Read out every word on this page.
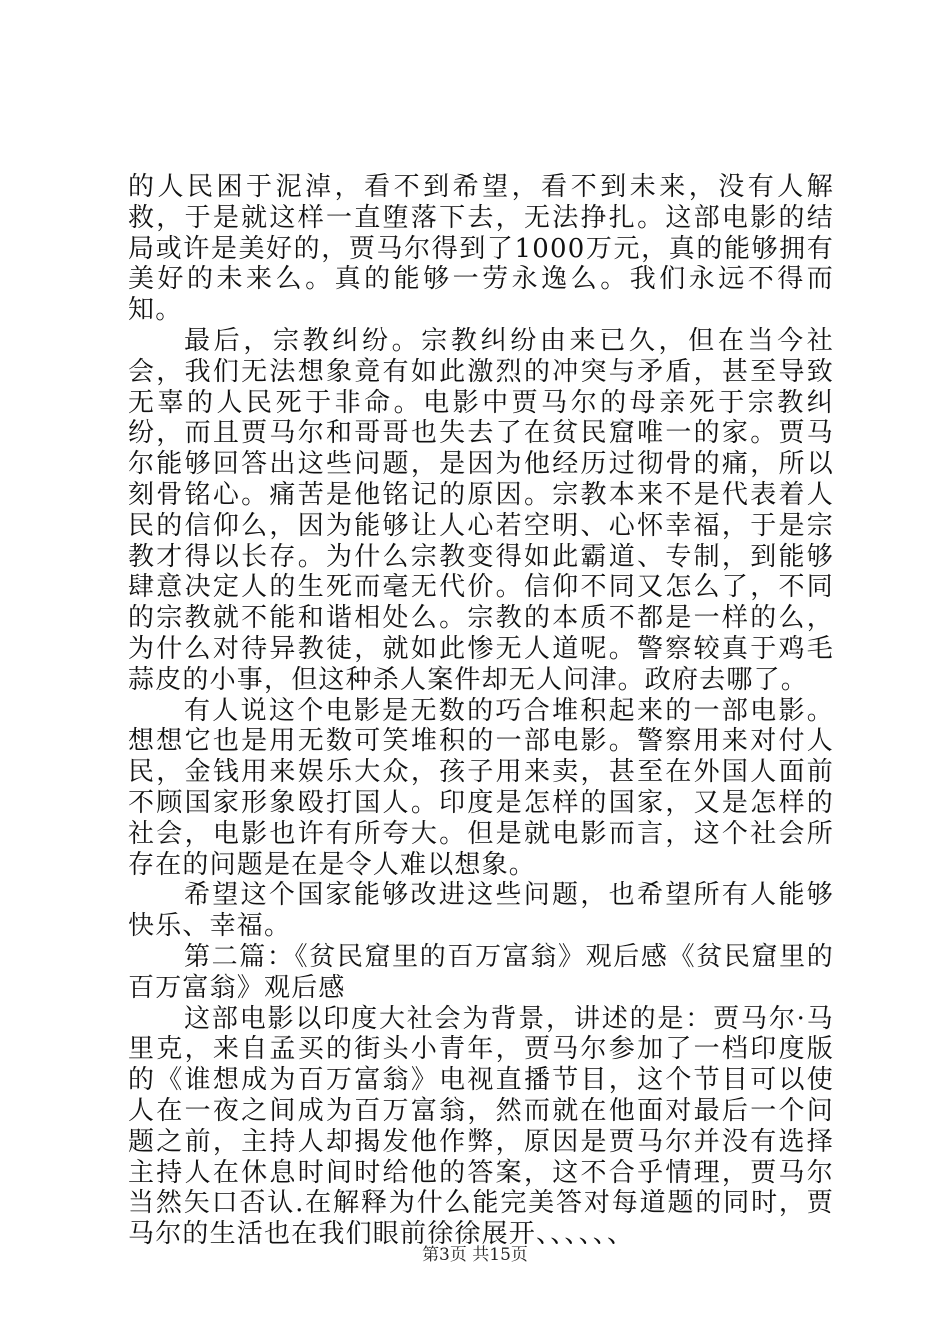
的人民困于泥淖，看不到希望，看不到未来，没有人解救，于是就这样一直堕落下去，无法挣扎。这部电影的结局或许是美好的，贾马尔得到了1000万元，真的能够拥有美好的未来么。真的能够一劳永逸么。我们永远不得而知。

最后，宗教纠纷。宗教纠纷由来已久，但在当今社会，我们无法想象竟有如此激烈的冲突与矛盾，甚至导致无辜的人民死于非命。电影中贾马尔的母亲死于宗教纠纷，而且贾马尔和哥哥也失去了在贫民窟唯一的家。贾马尔能够回答出这些问题，是因为他经历过彻骨的痛，所以刻骨铭心。痛苦是他铭记的原因。宗教本来不是代表着人民的信仰么，因为能够让人心若空明、心怀幸福，于是宗教才得以长存。为什么宗教变得如此霸道、专制，到能够肆意决定人的生死而毫无代价。信仰不同又怎么了，不同的宗教就不能和谐相处么。宗教的本质不都是一样的么，为什么对待异教徒，就如此惨无人道呢。警察较真于鸡毛蒜皮的小事，但这种杀人案件却无人问津。政府去哪了。

有人说这个电影是无数的巧合堆积起来的一部电影。想想它也是用无数可笑堆积的一部电影。警察用来对付人民，金钱用来娱乐大众，孩子用来卖，甚至在外国人面前不顾国家形象殴打国人。印度是怎样的国家，又是怎样的社会，电影也许有所夸大。但是就电影而言，这个社会所存在的问题是在是令人难以想象。

希望这个国家能够改进这些问题，也希望所有人能够快乐、幸福。

第二篇：《贫民窟里的百万富翁》观后感《贫民窟里的百万富翁》观后感

这部电影以印度大社会为背景，讲述的是：贾马尔·马里克，来自孟买的街头小青年，贾马尔参加了一档印度版的《谁想成为百万富翁》电视直播节目，这个节目可以使人在一夜之间成为百万富翁，然而就在他面对最后一个问题之前，主持人却揭发他作弊，原因是贾马尔并没有选择主持人在休息时间时给他的答案，这不合乎情理，贾马尔当然矢口否认.在解释为什么能完美答对每道题的同时，贾马尔的生活也在我们眼前徐徐展开、、、、、、

第3页 共15页
